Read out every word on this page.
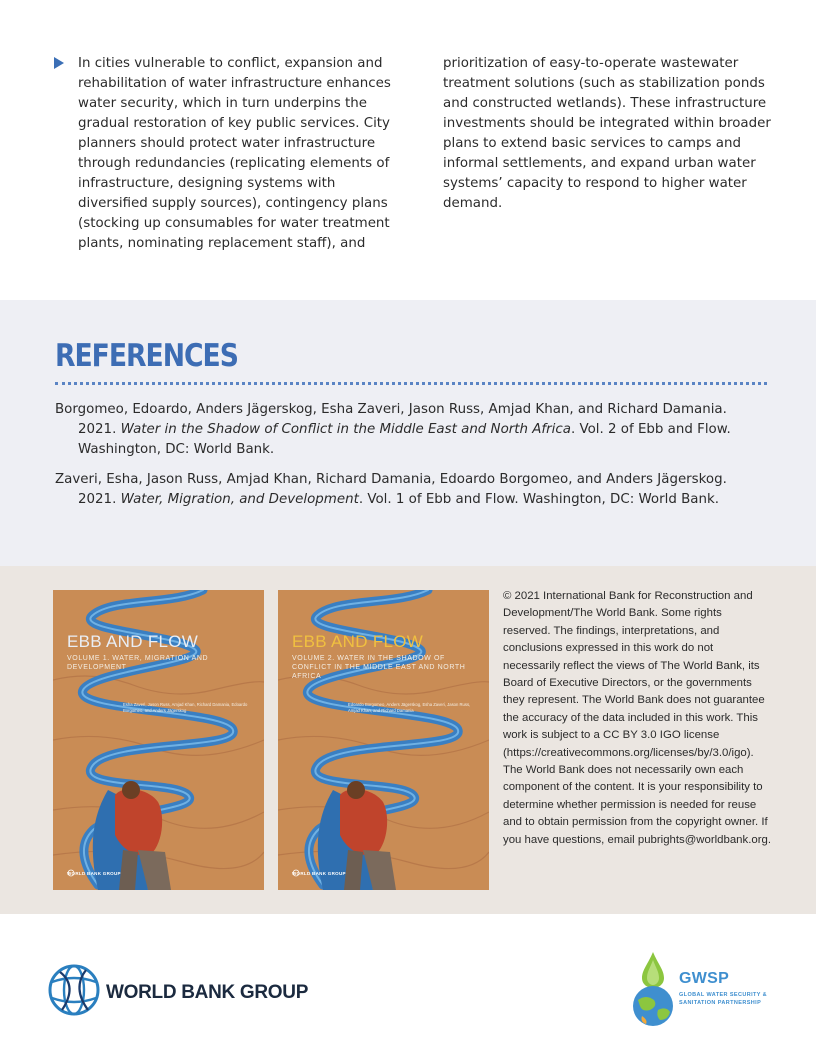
In cities vulnerable to conflict, expansion and rehabilitation of water infrastructure enhances water security, which in turn underpins the gradual restoration of key public services. City planners should protect water infrastructure through redundancies (replicating elements of infrastructure, designing systems with diversified supply sources), contingency plans (stocking up consumables for water treatment plants, nominating replacement staff), and

prioritization of easy-to-operate wastewater treatment solutions (such as stabilization ponds and constructed wetlands). These infrastructure investments should be integrated within broader plans to extend basic services to camps and informal settlements, and expand urban water systems’ capacity to respond to higher water demand.

REFERENCES

Borgomeo, Edoardo, Anders Jägerskog, Esha Zaveri, Jason Russ, Amjad Khan, and Richard Damania. 2021. Water in the Shadow of Conflict in the Middle East and North Africa. Vol. 2 of Ebb and Flow. Washington, DC: World Bank.

Zaveri, Esha, Jason Russ, Amjad Khan, Richard Damania, Edoardo Borgomeo, and Anders Jägerskog. 2021. Water, Migration, and Development. Vol. 1 of Ebb and Flow. Washington, DC: World Bank.

EBB AND FLOW
VOLUME 1. WATER, MIGRATION AND DEVELOPMENT
Esha Zaveri, Jason Russ, Amjad Khan, Richard Damania, Edoardo Borgomeo, and Anders Jägerskog
WORLD BANK GROUP
EBB AND FLOW
VOLUME 2. WATER IN THE SHADOW OF CONFLICT IN THE MIDDLE EAST AND NORTH AFRICA
Edoardo Borgomeo, Anders Jägerskog, Esha Zaveri, Jason Russ, Amjad Khan, and Richard Damania
WORLD BANK GROUP

© 2021 International Bank for Reconstruction and Development/The World Bank. Some rights reserved. The findings, interpretations, and conclusions expressed in this work do not necessarily reflect the views of The World Bank, its Board of Executive Directors, or the governments they represent. The World Bank does not guarantee the accuracy of the data included in this work. This work is subject to a CC BY 3.0 IGO license (https://creativecommons.org/licenses/by/3.0/igo). The World Bank does not necessarily own each component of the content. It is your responsibility to determine whether permission is needed for reuse and to obtain permission from the copyright owner. If you have questions, email pubrights@worldbank.org.

WORLD BANK GROUP
GWSP
GLOBAL WATER SECURITY & SANITATION PARTNERSHIP
